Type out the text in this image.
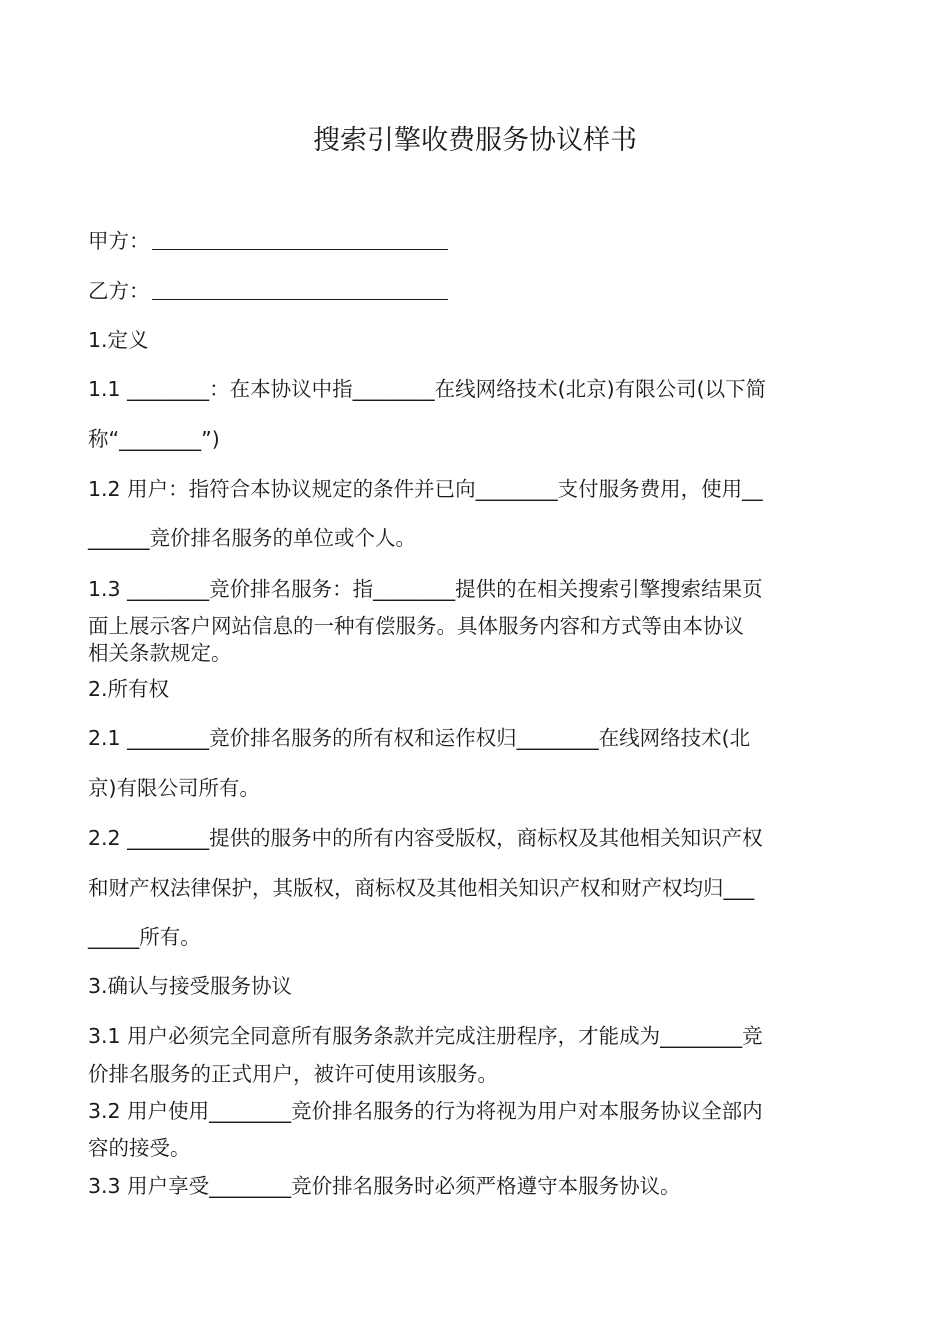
搜索引擎收费服务协议样书
甲方：
乙方：
1.定义
1.1 ________：在本协议中指________在线网络技术(北京)有限公司(以下简
称“________”)
1.2 用户：指符合本协议规定的条件并已向________支付服务费用，使用__
______竞价排名服务的单位或个人。
1.3 ________竞价排名服务：指________提供的在相关搜索引擎搜索结果页
面上展示客户网站信息的一种有偿服务。具体服务内容和方式等由本协议
相关条款规定。
2.所有权
2.1 ________竞价排名服务的所有权和运作权归________在线网络技术(北
京)有限公司所有。
2.2 ________提供的服务中的所有内容受版权，商标权及其他相关知识产权
和财产权法律保护，其版权，商标权及其他相关知识产权和财产权均归___
_____所有。
3.确认与接受服务协议
3.1 用户必须完全同意所有服务条款并完成注册程序，才能成为________竞
价排名服务的正式用户，被许可使用该服务。
3.2 用户使用________竞价排名服务的行为将视为用户对本服务协议全部内
容的接受。
3.3 用户享受________竞价排名服务时必须严格遵守本服务协议。
